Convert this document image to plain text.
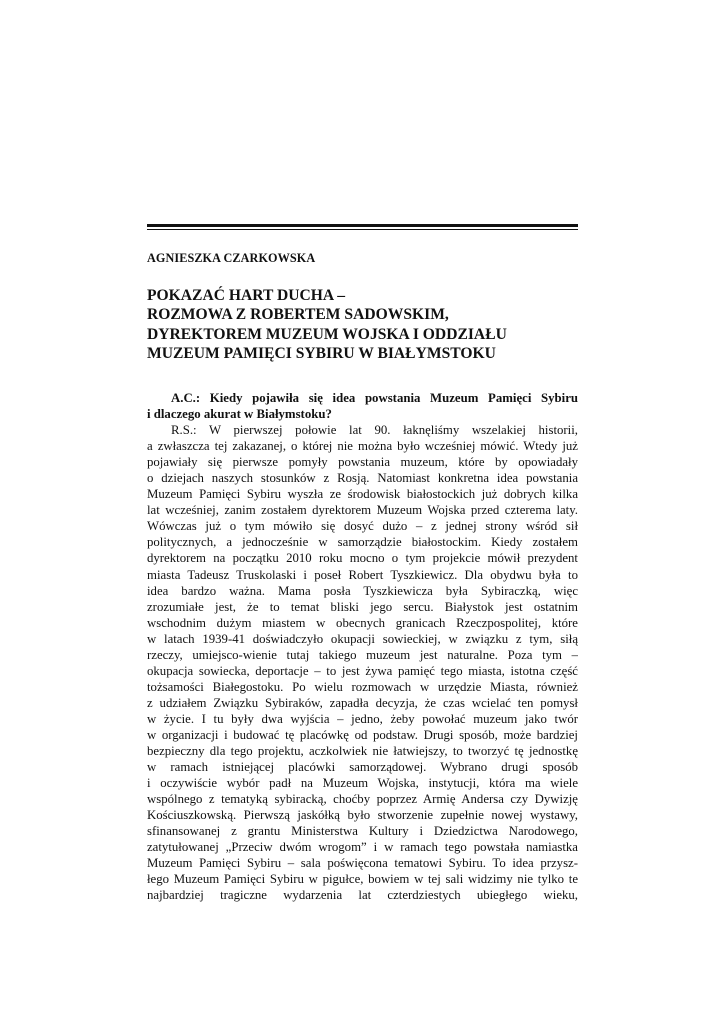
AGNIESZKA CZARKOWSKA
POKAZAĆ HART DUCHA –
ROZMOWA Z ROBERTEM SADOWSKIM,
DYREKTOREM MUZEUM WOJSKA I ODDZIAŁU
MUZEUM PAMIĘCI SYBIRU W BIAŁYMSTOKU
A.C.: Kiedy pojawiła się idea powstania Muzeum Pamięci Sybiru
i dlaczego akurat w Białymstoku?
R.S.: W pierwszej połowie lat 90. łaknęliśmy wszelakiej historii,
a zwłaszcza tej zakazanej, o której nie można było wcześniej mówić. Wtedy już
pojawiały się pierwsze pomyły powstania muzeum, które by opowiadały
o dziejach naszych stosunków z Rosją. Natomiast konkretna idea powstania
Muzeum Pamięci Sybiru wyszła ze środowisk białostockich już dobrych kilka
lat wcześniej, zanim zostałem dyrektorem Muzeum Wojska przed czterema laty.
Wówczas już o tym mówiło się dosyć dużo – z jednej strony wśród sił
politycznych, a jednocześnie w samorządzie białostockim. Kiedy zostałem
dyrektorem na początku 2010 roku mocno o tym projekcie mówił prezydent
miasta Tadeusz Truskolaski i poseł Robert Tyszkiewicz. Dla obydwu była to
idea bardzo ważna. Mama posła Tyszkiewicza była Sybiraczką, więc
zrozumiałe jest, że to temat bliski jego sercu. Białystok jest ostatnim
wschodnim dużym miastem w obecnych granicach Rzeczpospolitej, które
w latach 1939-41 doświadczyło okupacji sowieckiej, w związku z tym, siłą
rzeczy, umiejsco-wienie tutaj takiego muzeum jest naturalne. Poza tym –
okupacja sowiecka, deportacje – to jest żywa pamięć tego miasta, istotna część
tożsamości Białegostoku. Po wielu rozmowach w urzędzie Miasta, również
z udziałem Związku Sybiraków, zapadła decyzja, że czas wcielać ten pomysł
w życie. I tu były dwa wyjścia – jedno, żeby powołać muzeum jako twór
w organizacji i budować tę placówkę od podstaw. Drugi sposób, może bardziej
bezpieczny dla tego projektu, aczkolwiek nie łatwiejszy, to tworzyć tę jednostkę
w ramach istniejącej placówki samorządowej. Wybrano drugi sposób
i oczywiście wybór padł na Muzeum Wojska, instytucji, która ma wiele
wspólnego z tematyką sybiracką, choćby poprzez Armię Andersa czy Dywizję
Kościuszkowską. Pierwszą jaskółką było stworzenie zupełnie nowej wystawy,
sfinansowanej z grantu Ministerstwa Kultury i Dziedzictwa Narodowego,
zatytułowanej „Przeciw dwóm wrogom” i w ramach tego powstała namiastka
Muzeum Pamięci Sybiru – sala poświęcona tematowi Sybiru. To idea przysz-
łego Muzeum Pamięci Sybiru w pigułce, bowiem w tej sali widzimy nie tylko te
najbardziej tragiczne wydarzenia lat czterdziestych ubiegłego wieku,
